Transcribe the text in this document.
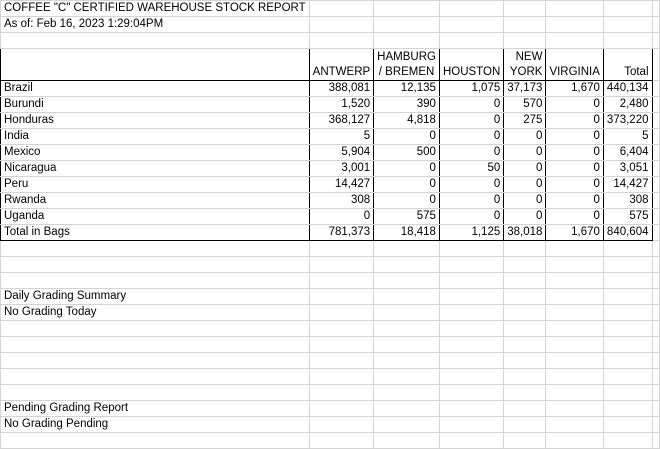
COFFEE "C" CERTIFIED WAREHOUSE STOCK REPORT							
As of: Feb 16, 2023 1:29:04PM							

	ANTWERP	HAMBURG / BREMEN	HOUSTON	NEW YORK	VIRGINIA	Total	
Brazil	388,081	12,135	1,075	37,173	1,670	440,134	
Burundi	1,520	390	0	570	0	2,480	
Honduras	368,127	4,818	0	275	0	373,220	
India	5	0	0	0	0	5	
Mexico	5,904	500	0	0	0	6,404	
Nicaragua	3,001	0	50	0	0	3,051	
Peru	14,427	0	0	0	0	14,427	
Rwanda	308	0	0	0	0	308	
Uganda	0	575	0	0	0	575	
Total in Bags	781,373	18,418	1,125	38,018	1,670	840,604	

Daily Grading Summary							
No Grading Today							

Pending Grading Report							
No Grading Pending							
